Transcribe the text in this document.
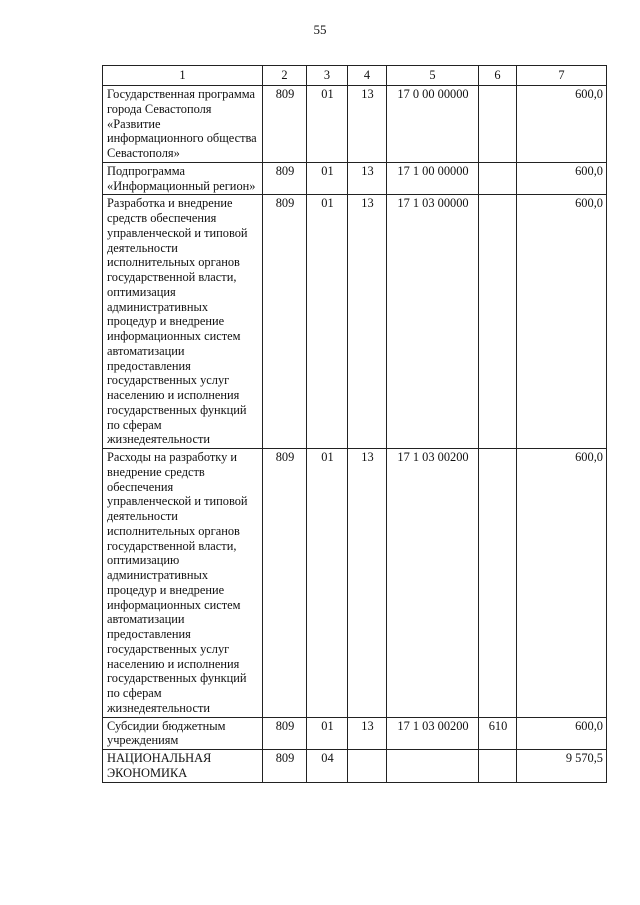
55
1	2	3	4	5	6	7
Государственная программа города Севастополя «Развитие информационного общества Севастополя»	809	01	13	17 0 00 00000		600,0
Подпрограмма «Информационный регион»	809	01	13	17 1 00 00000		600,0
Разработка и внедрение средств обеспечения управленческой и типовой деятельности исполнительных органов государственной власти, оптимизация административных процедур и внедрение информационных систем автоматизации предоставления государственных услуг населению и исполнения государственных функций по сферам жизнедеятельности	809	01	13	17 1 03 00000		600,0
Расходы на разработку и внедрение средств обеспечения управленческой и типовой деятельности исполнительных органов государственной власти, оптимизацию административных процедур и внедрение информационных систем автоматизации предоставления государственных услуг населению и исполнения государственных функций по сферам жизнедеятельности	809	01	13	17 1 03 00200		600,0
Субсидии бюджетным учреждениям	809	01	13	17 1 03 00200	610	600,0
НАЦИОНАЛЬНАЯ ЭКОНОМИКА	809	04				9 570,5
